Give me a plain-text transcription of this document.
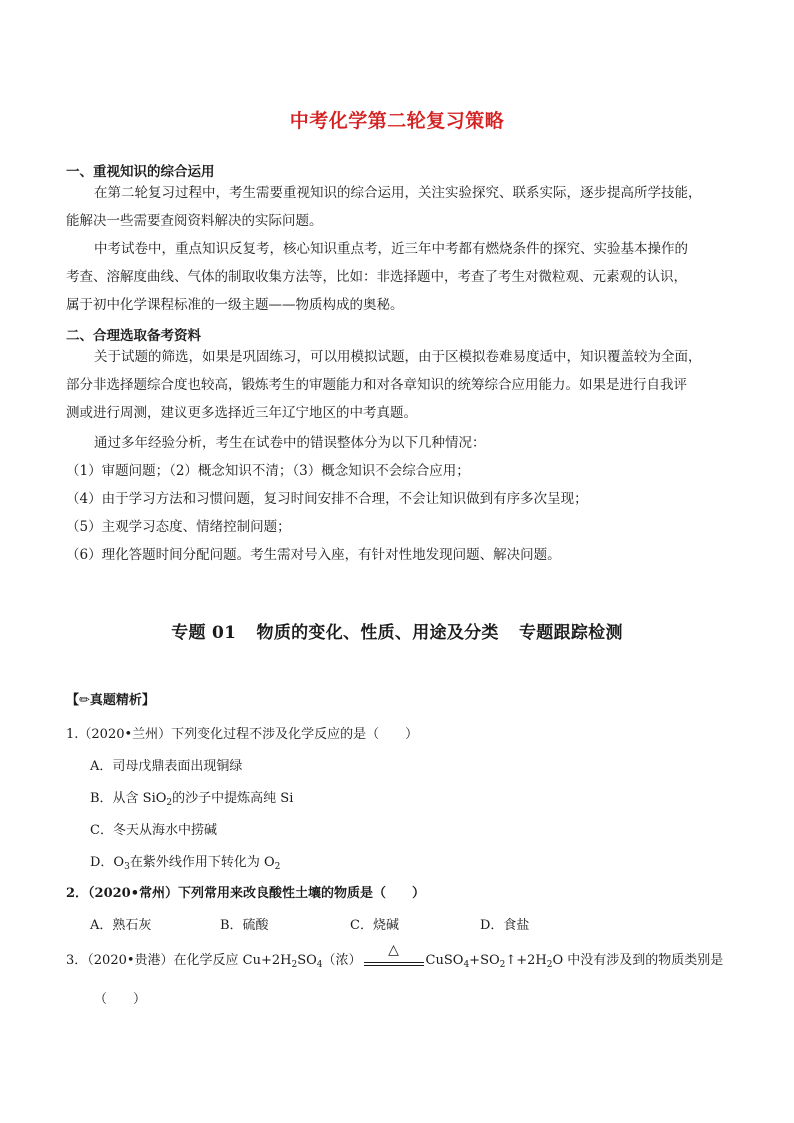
中考化学第二轮复习策略
一、重视知识的综合运用
在第二轮复习过程中，考生需要重视知识的综合运用，关注实验探究、联系实际，逐步提高所学技能，
能解决一些需要查阅资料解决的实际问题。
中考试卷中，重点知识反复考，核心知识重点考，近三年中考都有燃烧条件的探究、实验基本操作的
考查、溶解度曲线、气体的制取收集方法等，比如：非选择题中，考查了考生对微粒观、元素观的认识，
属于初中化学课程标准的一级主题——物质构成的奥秘。
二、合理选取备考资料
关于试题的筛选，如果是巩固练习，可以用模拟试题，由于区模拟卷难易度适中，知识覆盖较为全面，
部分非选择题综合度也较高，锻炼考生的审题能力和对各章知识的统筹综合应用能力。如果是进行自我评
测或进行周测，建议更多选择近三年辽宁地区的中考真题。
通过多年经验分析，考生在试卷中的错误整体分为以下几种情况：
（1）审题问题；（2）概念知识不清；（3）概念知识不会综合应用；
（4）由于学习方法和习惯问题，复习时间安排不合理，不会让知识做到有序多次呈现；
（5）主观学习态度、情绪控制问题；
（6）理化答题时间分配问题。考生需对号入座，有针对性地发现问题、解决问题。
专题 01 物质的变化、性质、用途及分类 专题跟踪检测
【✏真题精析】
1.（2020•兰州）下列变化过程不涉及化学反应的是（　　）
A．司母戊鼎表面出现铜绿
B．从含 SiO$_2$的沙子中提炼高纯 Si
C．冬天从海水中捞碱
D．$O_3$在紫外线作用下转化为 $O_2$
2．（2020•常州）下列常用来改良酸性土壤的物质是（　　）
A．熟石灰	B．硫酸	C．烧碱	D．食盐
3．（2020•贵港）在化学反应 $Cu+2H_2SO_4$（浓）
△
$CuSO_4+SO_2↑+2H_2O$ 中没有涉及到的物质类别是
（　　）
